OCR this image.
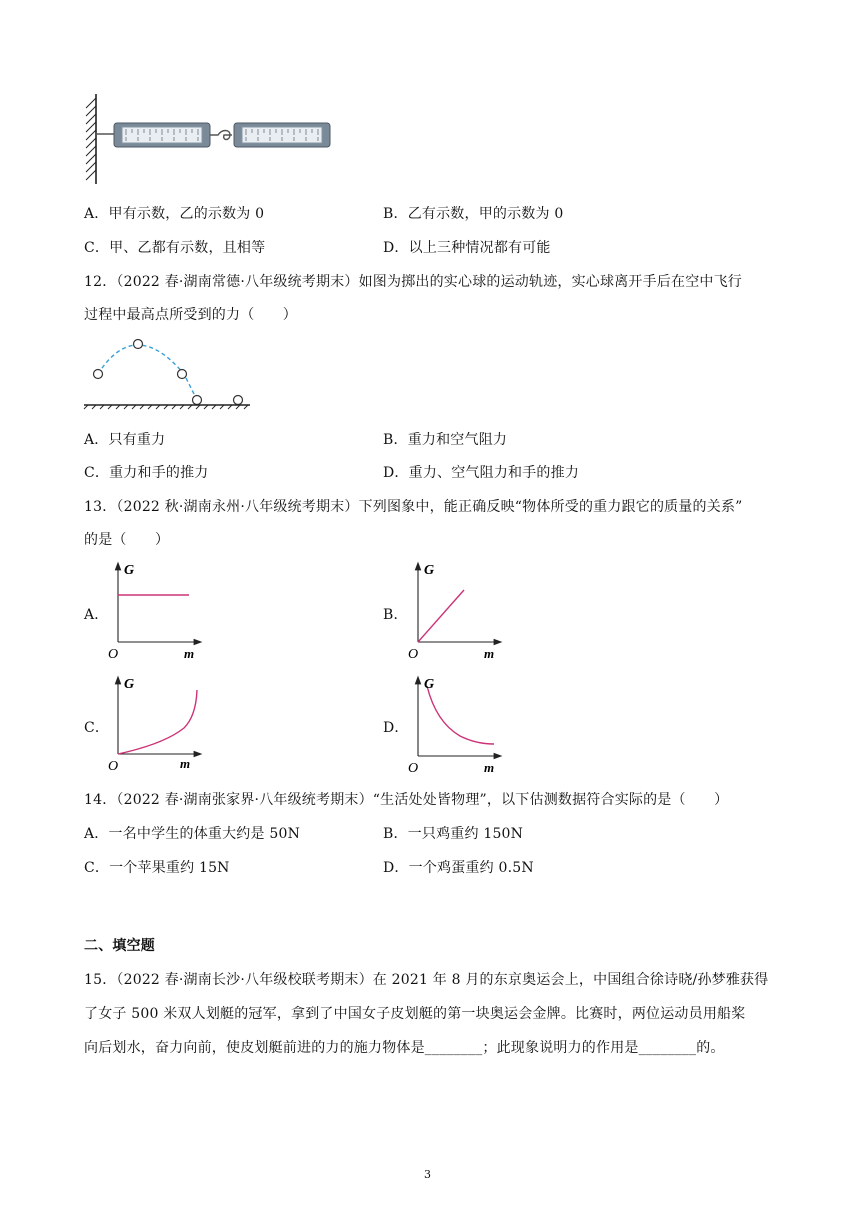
A．甲有示数，乙的示数为 0	B．乙有示数，甲的示数为 0
C．甲、乙都有示数，且相等	D．以上三种情况都有可能
12．（2022 春·湖南常德·八年级统考期末）如图为掷出的实心球的运动轨迹，实心球离开手后在空中飞行
过程中最高点所受到的力（　　）
A．只有重力	B．重力和空气阻力
C．重力和手的推力	D．重力、空气阻力和手的推力
13．（2022 秋·湖南永州·八年级统考期末）下列图象中，能正确反映“物体所受的重力跟它的质量的关系”
的是（　　）
A．	B．
C．	D．
G
O	m
G
O	m
G
O	m
G
O	m
14．（2022 春·湖南张家界·八年级统考期末）“生活处处皆物理”，以下估测数据符合实际的是（　　）
A．一名中学生的体重大约是 50N	B．一只鸡重约 150N
C．一个苹果重约 15N	D．一个鸡蛋重约 0.5N
二、填空题
15．（2022 春·湖南长沙·八年级校联考期末）在 2021 年 8 月的东京奥运会上，中国组合徐诗晓/孙梦雅获得
了女子 500 米双人划艇的冠军，拿到了中国女子皮划艇的第一块奥运会金牌。比赛时，两位运动员用船桨
向后划水，奋力向前，使皮划艇前进的力的施力物体是________；此现象说明力的作用是________的。
3
